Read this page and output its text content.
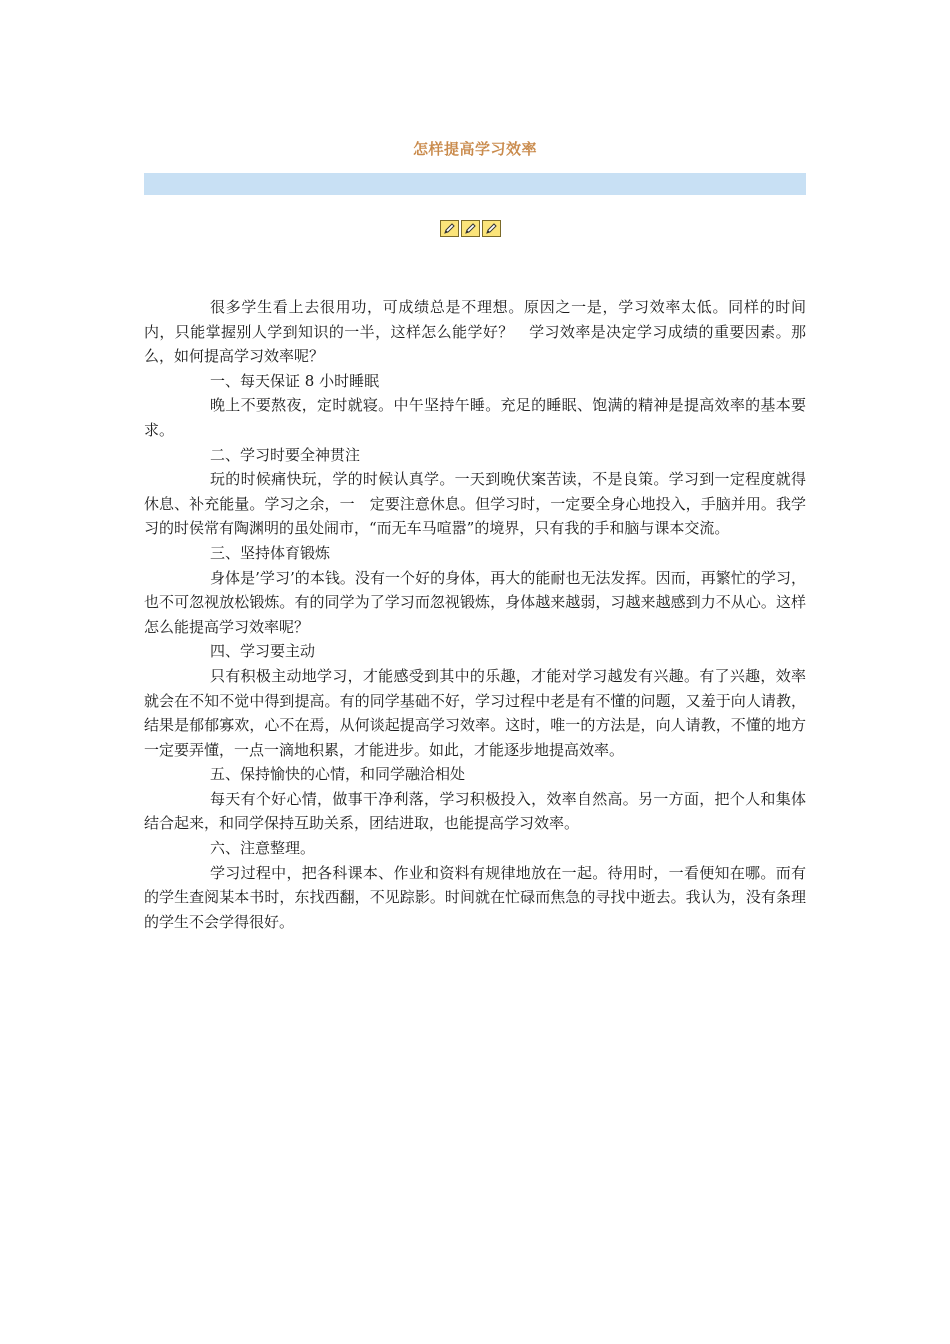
怎样提高学习效率

很多学生看上去很用功，可成绩总是不理想。原因之一是，学习效率太低。同样的时间内，只能掌握别人学到知识的一半，这样怎么能学好？　学习效率是决定学习成绩的重要因素。那么，如何提高学习效率呢？

一、每天保证 8 小时睡眠

晚上不要熬夜，定时就寝。中午坚持午睡。充足的睡眠、饱满的精神是提高效率的基本要求。

二、学习时要全神贯注

玩的时候痛快玩，学的时候认真学。一天到晚伏案苦读，不是良策。学习到一定程度就得休息、补充能量。学习之余，一　定要注意休息。但学习时，一定要全身心地投入，手脑并用。我学习的时侯常有陶渊明的虽处闹市，“而无车马喧嚣”的境界，只有我的手和脑与课本交流。

三、坚持体育锻炼

身体是’学习’的本钱。没有一个好的身体，再大的能耐也无法发挥。因而，再繁忙的学习，也不可忽视放松锻炼。有的同学为了学习而忽视锻炼，身体越来越弱，习越来越感到力不从心。这样怎么能提高学习效率呢？

四、学习要主动

只有积极主动地学习，才能感受到其中的乐趣，才能对学习越发有兴趣。有了兴趣，效率就会在不知不觉中得到提高。有的同学基础不好，学习过程中老是有不懂的问题，又羞于向人请教，结果是郁郁寡欢，心不在焉，从何谈起提高学习效率。这时，唯一的方法是，向人请教，不懂的地方一定要弄懂，一点一滴地积累，才能进步。如此，才能逐步地提高效率。

五、保持愉快的心情，和同学融洽相处

每天有个好心情，做事干净利落，学习积极投入，效率自然高。另一方面，把个人和集体结合起来，和同学保持互助关系，团结进取，也能提高学习效率。

六、注意整理。

学习过程中，把各科课本、作业和资料有规律地放在一起。待用时，一看便知在哪。而有的学生查阅某本书时，东找西翻，不见踪影。时间就在忙碌而焦急的寻找中逝去。我认为，没有条理的学生不会学得很好。
